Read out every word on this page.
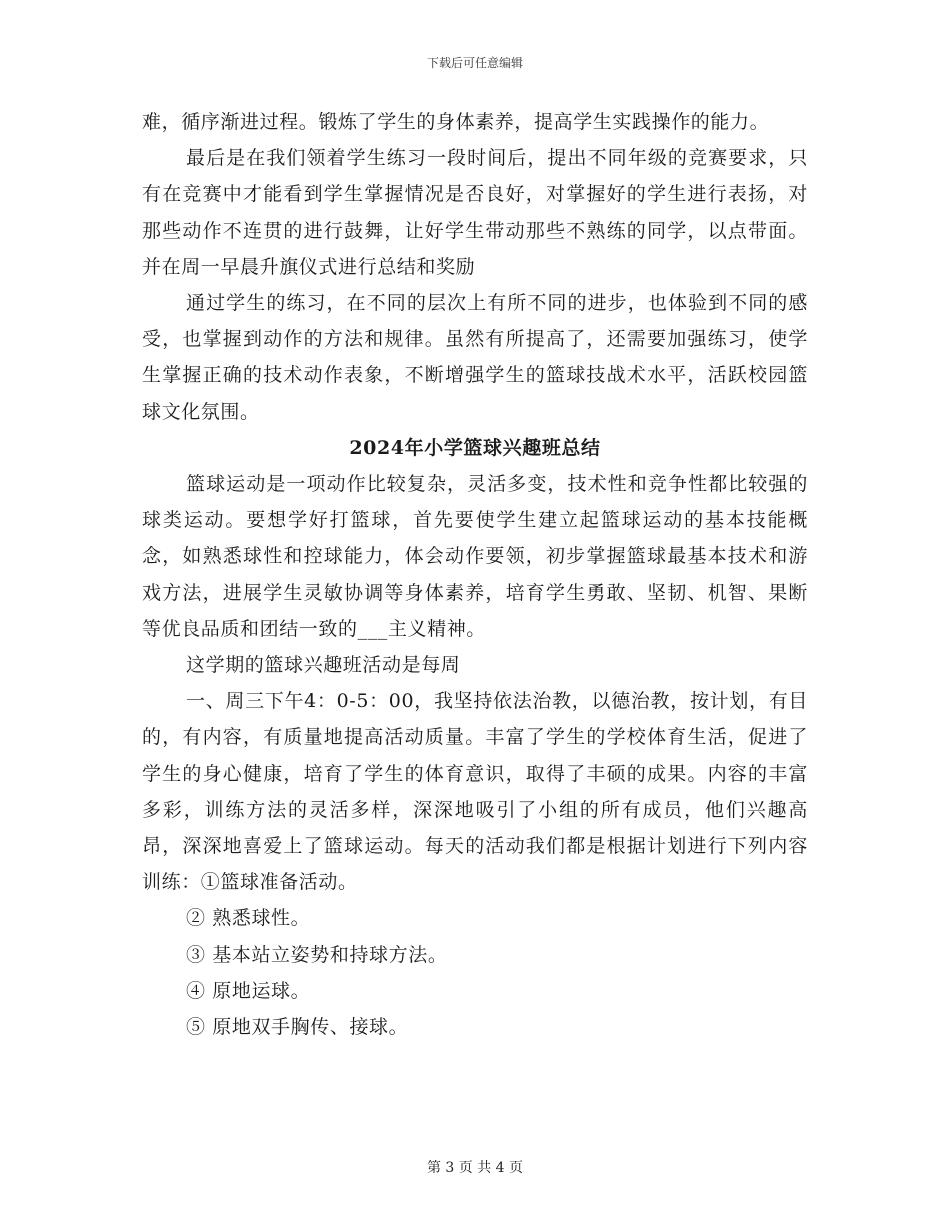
下载后可任意编辑

难，循序渐进过程。锻炼了学生的身体素养，提高学生实践操作的能力。

最后是在我们领着学生练习一段时间后，提出不同年级的竞赛要求，只有在竞赛中才能看到学生掌握情况是否良好，对掌握好的学生进行表扬，对那些动作不连贯的进行鼓舞，让好学生带动那些不熟练的同学，以点带面。并在周一早晨升旗仪式进行总结和奖励

通过学生的练习，在不同的层次上有所不同的进步，也体验到不同的感受，也掌握到动作的方法和规律。虽然有所提高了，还需要加强练习，使学生掌握正确的技术动作表象，不断增强学生的篮球技战术水平，活跃校园篮球文化氛围。

2024年小学篮球兴趣班总结

篮球运动是一项动作比较复杂，灵活多变，技术性和竞争性都比较强的球类运动。要想学好打篮球，首先要使学生建立起篮球运动的基本技能概念，如熟悉球性和控球能力，体会动作要领，初步掌握篮球最基本技术和游戏方法，进展学生灵敏协调等身体素养，培育学生勇敢、坚韧、机智、果断等优良品质和团结一致的___主义精神。

这学期的篮球兴趣班活动是每周

一、周三下午4：0-5：00，我坚持依法治教，以德治教，按计划，有目的，有内容，有质量地提高活动质量。丰富了学生的学校体育生活，促进了学生的身心健康，培育了学生的体育意识，取得了丰硕的成果。内容的丰富多彩，训练方法的灵活多样，深深地吸引了小组的所有成员，他们兴趣高昂，深深地喜爱上了篮球运动。每天的活动我们都是根据计划进行下列内容训练：①篮球准备活动。

② 熟悉球性。

③ 基本站立姿势和持球方法。

④ 原地运球。

⑤ 原地双手胸传、接球。

第 3 页 共 4 页
